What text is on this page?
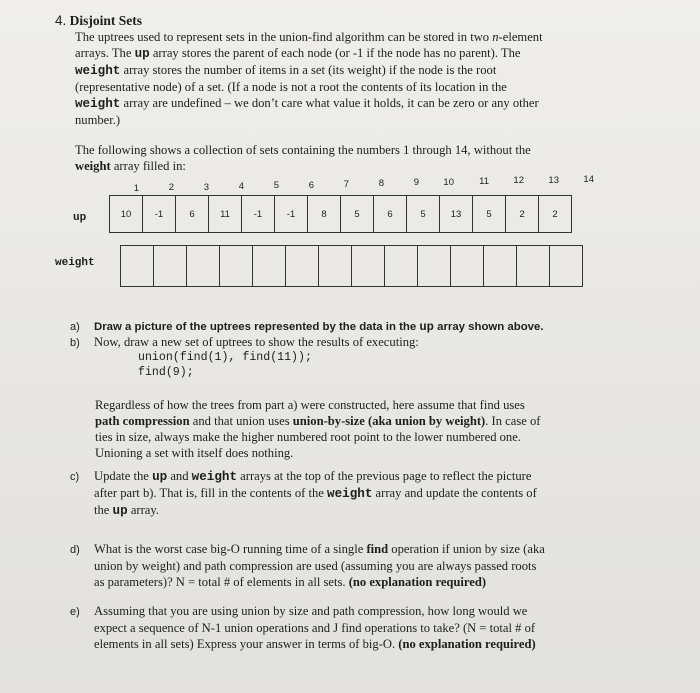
4. Disjoint Sets
The uptrees used to represent sets in the union-find algorithm can be stored in two n-element
arrays. The up array stores the parent of each node (or -1 if the node has no parent). The
weight array stores the number of items in a set (its weight) if the node is the root
(representative node) of a set. (If a node is not a root the contents of its location in the
weight array are undefined – we don’t care what value it holds, it can be zero or any other
number.)
The following shows a collection of sets containing the numbers 1 through 14, without the
weight array filled in:
up
weight
1	2	3	4	5	6	7	8	9	10	11	12	13	14
10	-1	6	11	-1	-1	8	5	6	5	13	5	2	2

a) Draw a picture of the uptrees represented by the data in the up array shown above.
b) Now, draw a new set of uptrees to show the results of executing:
union(find(1), find(11));
find(9);
Regardless of how the trees from part a) were constructed, here assume that find uses
path compression and that union uses union-by-size (aka union by weight). In case of
ties in size, always make the higher numbered root point to the lower numbered one.
Unioning a set with itself does nothing.
c) Update the up and weight arrays at the top of the previous page to reflect the picture
after part b). That is, fill in the contents of the weight array and update the contents of
the up array.
d) What is the worst case big-O running time of a single find operation if union by size (aka
union by weight) and path compression are used (assuming you are always passed roots
as parameters)? N = total # of elements in all sets. (no explanation required)
e) Assuming that you are using union by size and path compression, how long would we
expect a sequence of N-1 union operations and J find operations to take? (N = total # of
elements in all sets) Express your answer in terms of big-O. (no explanation required)
